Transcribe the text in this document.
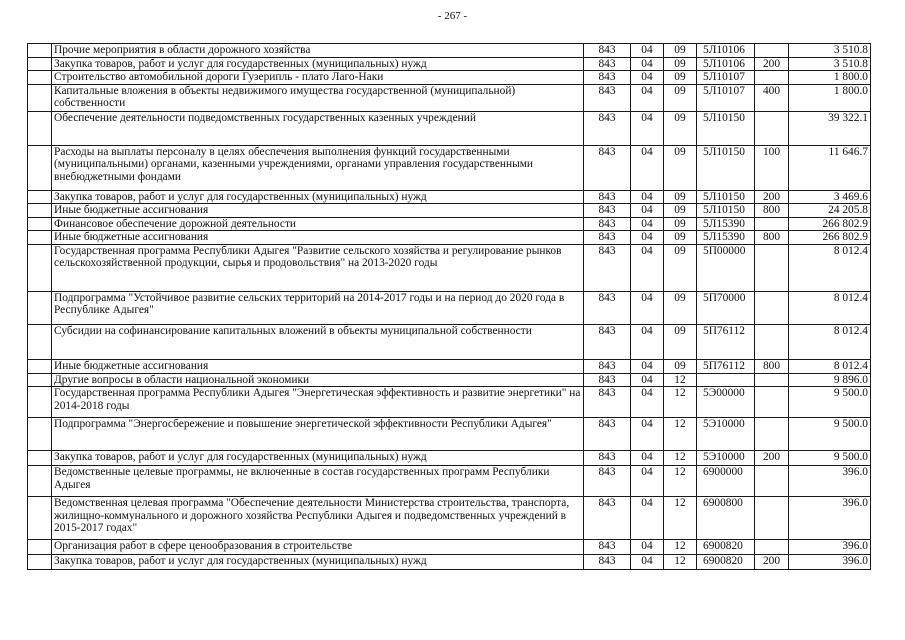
- 267 -
	Прочие мероприятия в области дорожного хозяйства	843	04	09	5Л10106		3 510.8
	Закупка товаров, работ и услуг для государственных (муниципальных) нужд	843	04	09	5Л10106	200	3 510.8
	Строительство автомобильной дороги Гузерипль - плато Лаго-Наки	843	04	09	5Л10107		1 800.0
	Капитальные вложения в объекты недвижимого имущества государственной (муниципальной) собственности	843	04	09	5Л10107	400	1 800.0
	Обеспечение деятельности подведомственных государственных казенных учреждений	843	04	09	5Л10150		39 322.1
	Расходы на выплаты персоналу в целях обеспечения выполнения функций государственными (муниципальными) органами, казенными учреждениями, органами управления государственными внебюджетными фондами	843	04	09	5Л10150	100	11 646.7
	Закупка товаров, работ и услуг для государственных (муниципальных) нужд	843	04	09	5Л10150	200	3 469.6
	Иные бюджетные ассигнования	843	04	09	5Л10150	800	24 205.8
	Финансовое обеспечение дорожной деятельности	843	04	09	5Л15390		266 802.9
	Иные бюджетные ассигнования	843	04	09	5Л15390	800	266 802.9
	Государственная программа Республики Адыгея "Развитие сельского хозяйства и регулирование рынков сельскохозяйственной продукции, сырья и продовольствия" на 2013-2020 годы	843	04	09	5П00000		8 012.4
	Подпрограмма "Устойчивое развитие сельских территорий на 2014-2017 годы и на период до 2020 года в Республике Адыгея"	843	04	09	5П70000		8 012.4
	Субсидии на софинансирование капитальных вложений в объекты муниципальной собственности	843	04	09	5П76112		8 012.4
	Иные бюджетные ассигнования	843	04	09	5П76112	800	8 012.4
	Другие вопросы в области национальной экономики	843	04	12			9 896.0
	Государственная программа Республики Адыгея "Энергетическая эффективность и развитие энергетики" на 2014-2018 годы	843	04	12	5Э00000		9 500.0
	Подпрограмма "Энергосбережение и повышение энергетической эффективности Республики Адыгея"	843	04	12	5Э10000		9 500.0
	Закупка товаров, работ и услуг для государственных (муниципальных) нужд	843	04	12	5Э10000	200	9 500.0
	Ведомственные целевые программы, не включенные в состав государственных программ Республики Адыгея	843	04	12	6900000		396.0
	Ведомственная целевая программа "Обеспечение деятельности Министерства строительства, транспорта, жилищно-коммунального и дорожного хозяйства Республики Адыгея и подведомственных учреждений в 2015-2017 годах"	843	04	12	6900800		396.0
	Организация работ в сфере ценообразования в строительстве	843	04	12	6900820		396.0
	Закупка товаров, работ и услуг для государственных (муниципальных) нужд	843	04	12	6900820	200	396.0
